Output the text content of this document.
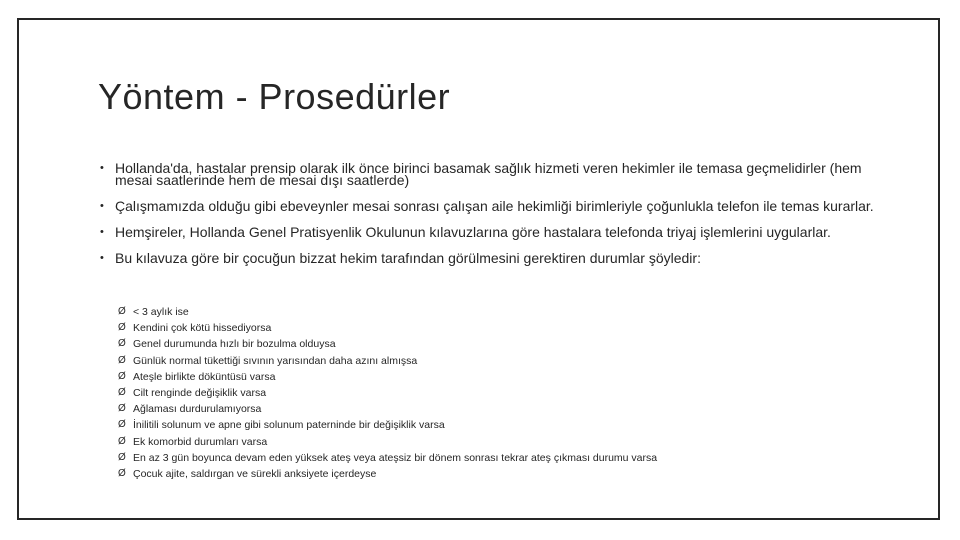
Yöntem - Prosedürler
• Hollanda'da, hastalar prensip olarak ilk önce birinci basamak sağlık hizmeti veren hekimler ile temasa geçmelidirler (hem mesai saatlerinde hem de mesai dışı saatlerde)
• Çalışmamızda olduğu gibi ebeveynler mesai sonrası çalışan aile hekimliği birimleriyle çoğunlukla telefon ile temas kurarlar.
• Hemşireler, Hollanda Genel Pratisyenlik Okulunun kılavuzlarına göre hastalara telefonda triyaj işlemlerini uygularlar.
• Bu kılavuza göre bir çocuğun bizzat hekim tarafından görülmesini gerektiren durumlar şöyledir:
Ø < 3 aylık ise
Ø Kendini çok kötü hissediyorsa
Ø Genel durumunda hızlı bir bozulma olduysa
Ø Günlük normal tükettiği sıvının yarısından daha azını almışsa
Ø Ateşle birlikte döküntüsü varsa
Ø Cilt renginde değişiklik varsa
Ø Ağlaması durdurulamıyorsa
Ø İnilitili solunum ve apne gibi solunum paterninde bir değişiklik varsa
Ø Ek komorbid durumları varsa
Ø En az 3 gün boyunca devam eden yüksek ateş veya ateşsiz bir dönem sonrası tekrar ateş çıkması durumu varsa
Ø Çocuk ajite, saldırgan ve sürekli anksiyete içerdeyse
